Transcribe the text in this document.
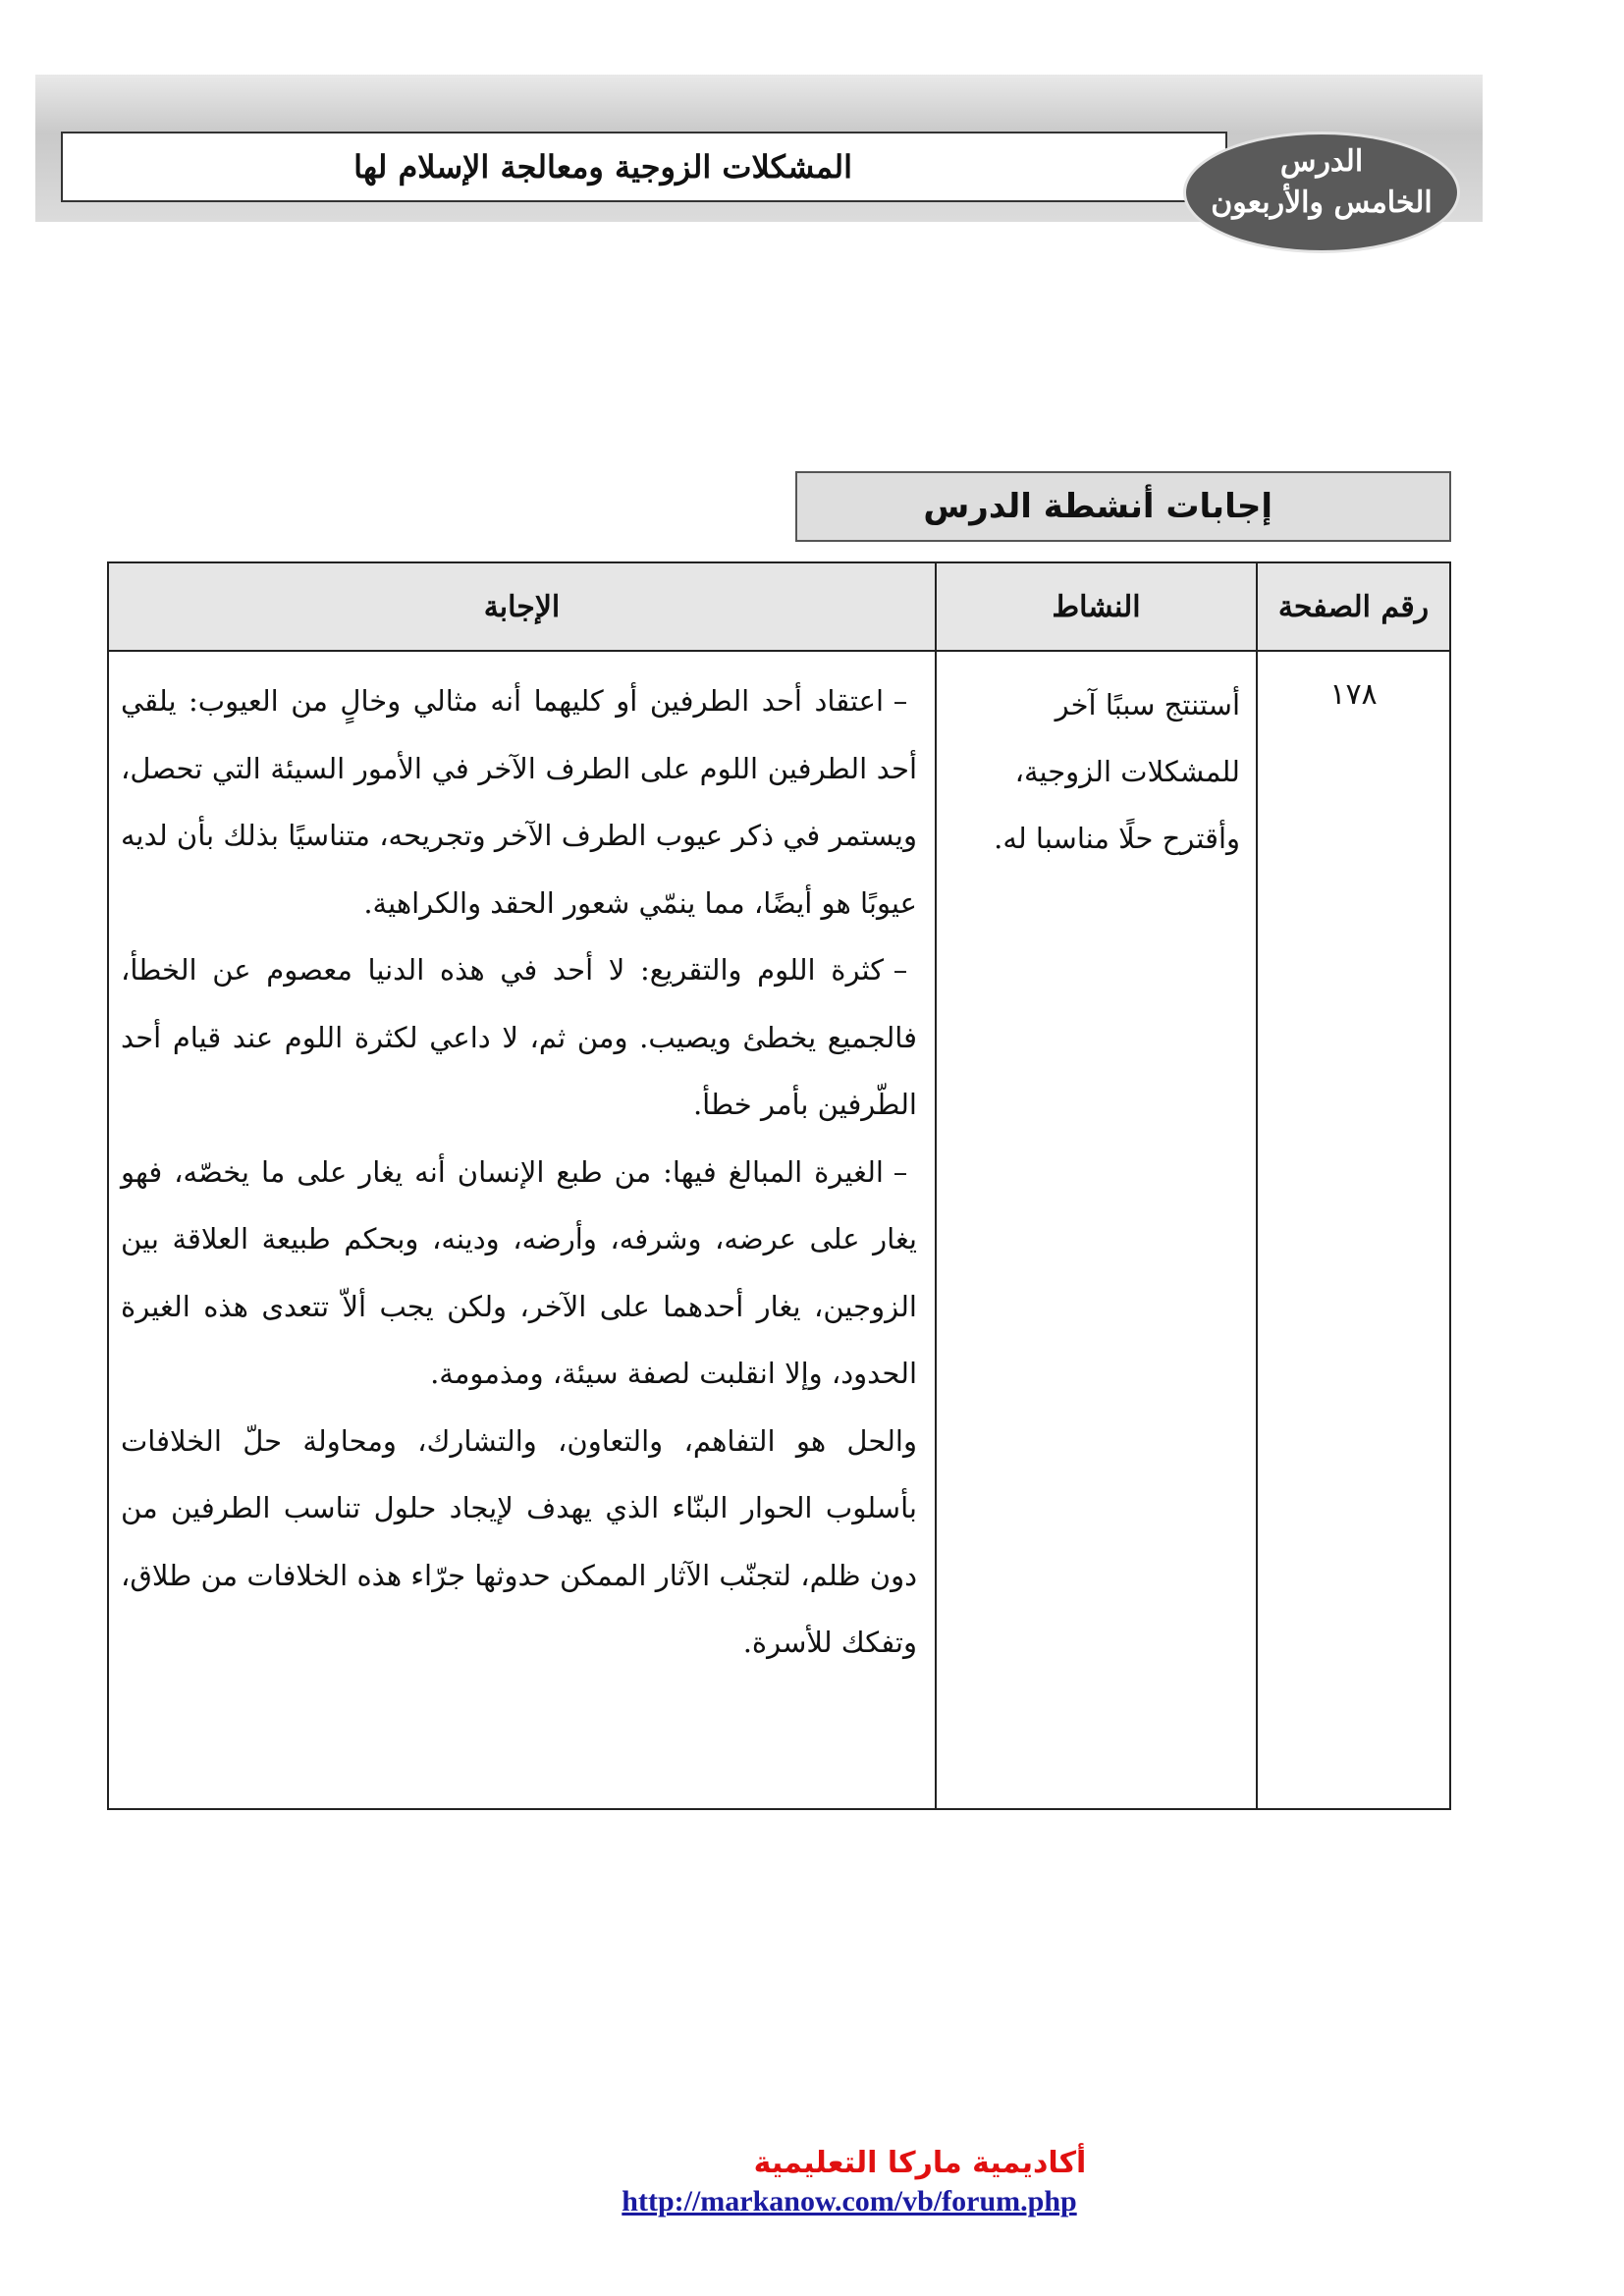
المشكلات الزوجية ومعالجة الإسلام لها	الدرس
الخامس والأربعون
إجابات أنشطة الدرس
رقم الصفحة	النشاط	الإجابة
١٧٨	أستنتج سببًا آخر للمشكلات الزوجية، وأقترح حلًا مناسبا له.	–اعتقاد أحد الطرفين أو كليهما أنه مثالي وخالٍ من العيوب: يلقي أحد الطرفين اللوم على الطرف الآخر في الأمور السيئة التي تحصل، ويستمر في ذكر عيوب الطرف الآخر وتجريحه، متناسيًا بذلك بأن لديه عيوبًا هو أيضًا، مما ينمّي شعور الحقد والكراهية.
–كثرة اللوم والتقريع: لا أحد في هذه الدنيا معصوم عن الخطأ، فالجميع يخطئ ويصيب. ومن ثم، لا داعي لكثرة اللوم عند قيام أحد الطّرفين بأمر خطأ.
–الغيرة المبالغ فيها: من طبع الإنسان أنه يغار على ما يخصّه، فهو يغار على عرضه، وشرفه، وأرضه، ودينه، وبحكم طبيعة العلاقة بين الزوجين، يغار أحدهما على الآخر، ولكن يجب ألاّ تتعدى هذه الغيرة الحدود، وإلا انقلبت لصفة سيئة، ومذمومة.
والحل هو التفاهم، والتعاون، والتشارك، ومحاولة حلّ الخلافات بأسلوب الحوار البنّاء الذي يهدف لإيجاد حلول تناسب الطرفين من دون ظلم، لتجنّب الآثار الممكن حدوثها جرّاء هذه الخلافات من طلاق، وتفكك للأسرة.
أكاديمية ماركا التعليمية
http://markanow.com/vb/forum.php
